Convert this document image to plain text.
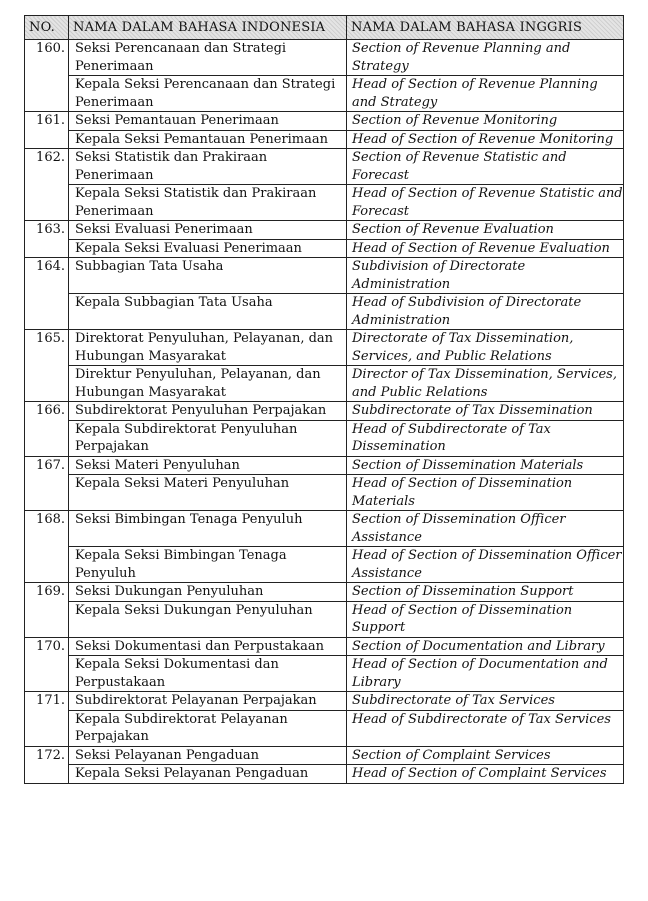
NO.	NAMA DALAM BAHASA INDONESIA	NAMA DALAM BAHASA INGGRIS
160.	Seksi Perencanaan dan Strategi Penerimaan	Section of Revenue Planning and Strategy
	Kepala Seksi Perencanaan dan Strategi Penerimaan	Head of Section of Revenue Planning and Strategy
161.	Seksi Pemantauan Penerimaan	Section of Revenue Monitoring
	Kepala Seksi Pemantauan Penerimaan	Head of Section of Revenue Monitoring
162.	Seksi Statistik dan Prakiraan Penerimaan	Section of Revenue Statistic and Forecast
	Kepala Seksi Statistik dan Prakiraan Penerimaan	Head of Section of Revenue Statistic and Forecast
163.	Seksi Evaluasi Penerimaan	Section of Revenue Evaluation
	Kepala Seksi Evaluasi Penerimaan	Head of Section of Revenue Evaluation
164.	Subbagian Tata Usaha	Subdivision of Directorate Administration
	Kepala Subbagian Tata Usaha	Head of Subdivision of Directorate Administration
165.	Direktorat Penyuluhan, Pelayanan, dan Hubungan Masyarakat	Directorate of Tax Dissemination, Services, and Public Relations
	Direktur Penyuluhan, Pelayanan, dan Hubungan Masyarakat	Director of Tax Dissemination, Services, and Public Relations
166.	Subdirektorat Penyuluhan Perpajakan	Subdirectorate of Tax Dissemination
	Kepala Subdirektorat Penyuluhan Perpajakan	Head of Subdirectorate of Tax Dissemination
167.	Seksi Materi Penyuluhan	Section of Dissemination Materials
	Kepala Seksi Materi Penyuluhan	Head of Section of Dissemination Materials
168.	Seksi Bimbingan Tenaga Penyuluh	Section of Dissemination Officer Assistance
	Kepala Seksi Bimbingan Tenaga Penyuluh	Head of Section of Dissemination Officer Assistance
169.	Seksi Dukungan Penyuluhan	Section of Dissemination Support
	Kepala Seksi Dukungan Penyuluhan	Head of Section of Dissemination Support
170.	Seksi Dokumentasi dan Perpustakaan	Section of Documentation and Library
	Kepala Seksi Dokumentasi dan Perpustakaan	Head of Section of Documentation and Library
171.	Subdirektorat Pelayanan Perpajakan	Subdirectorate of Tax Services
	Kepala Subdirektorat Pelayanan Perpajakan	Head of Subdirectorate of Tax Services
172.	Seksi Pelayanan Pengaduan	Section of Complaint Services
	Kepala Seksi Pelayanan Pengaduan	Head of Section of Complaint Services
